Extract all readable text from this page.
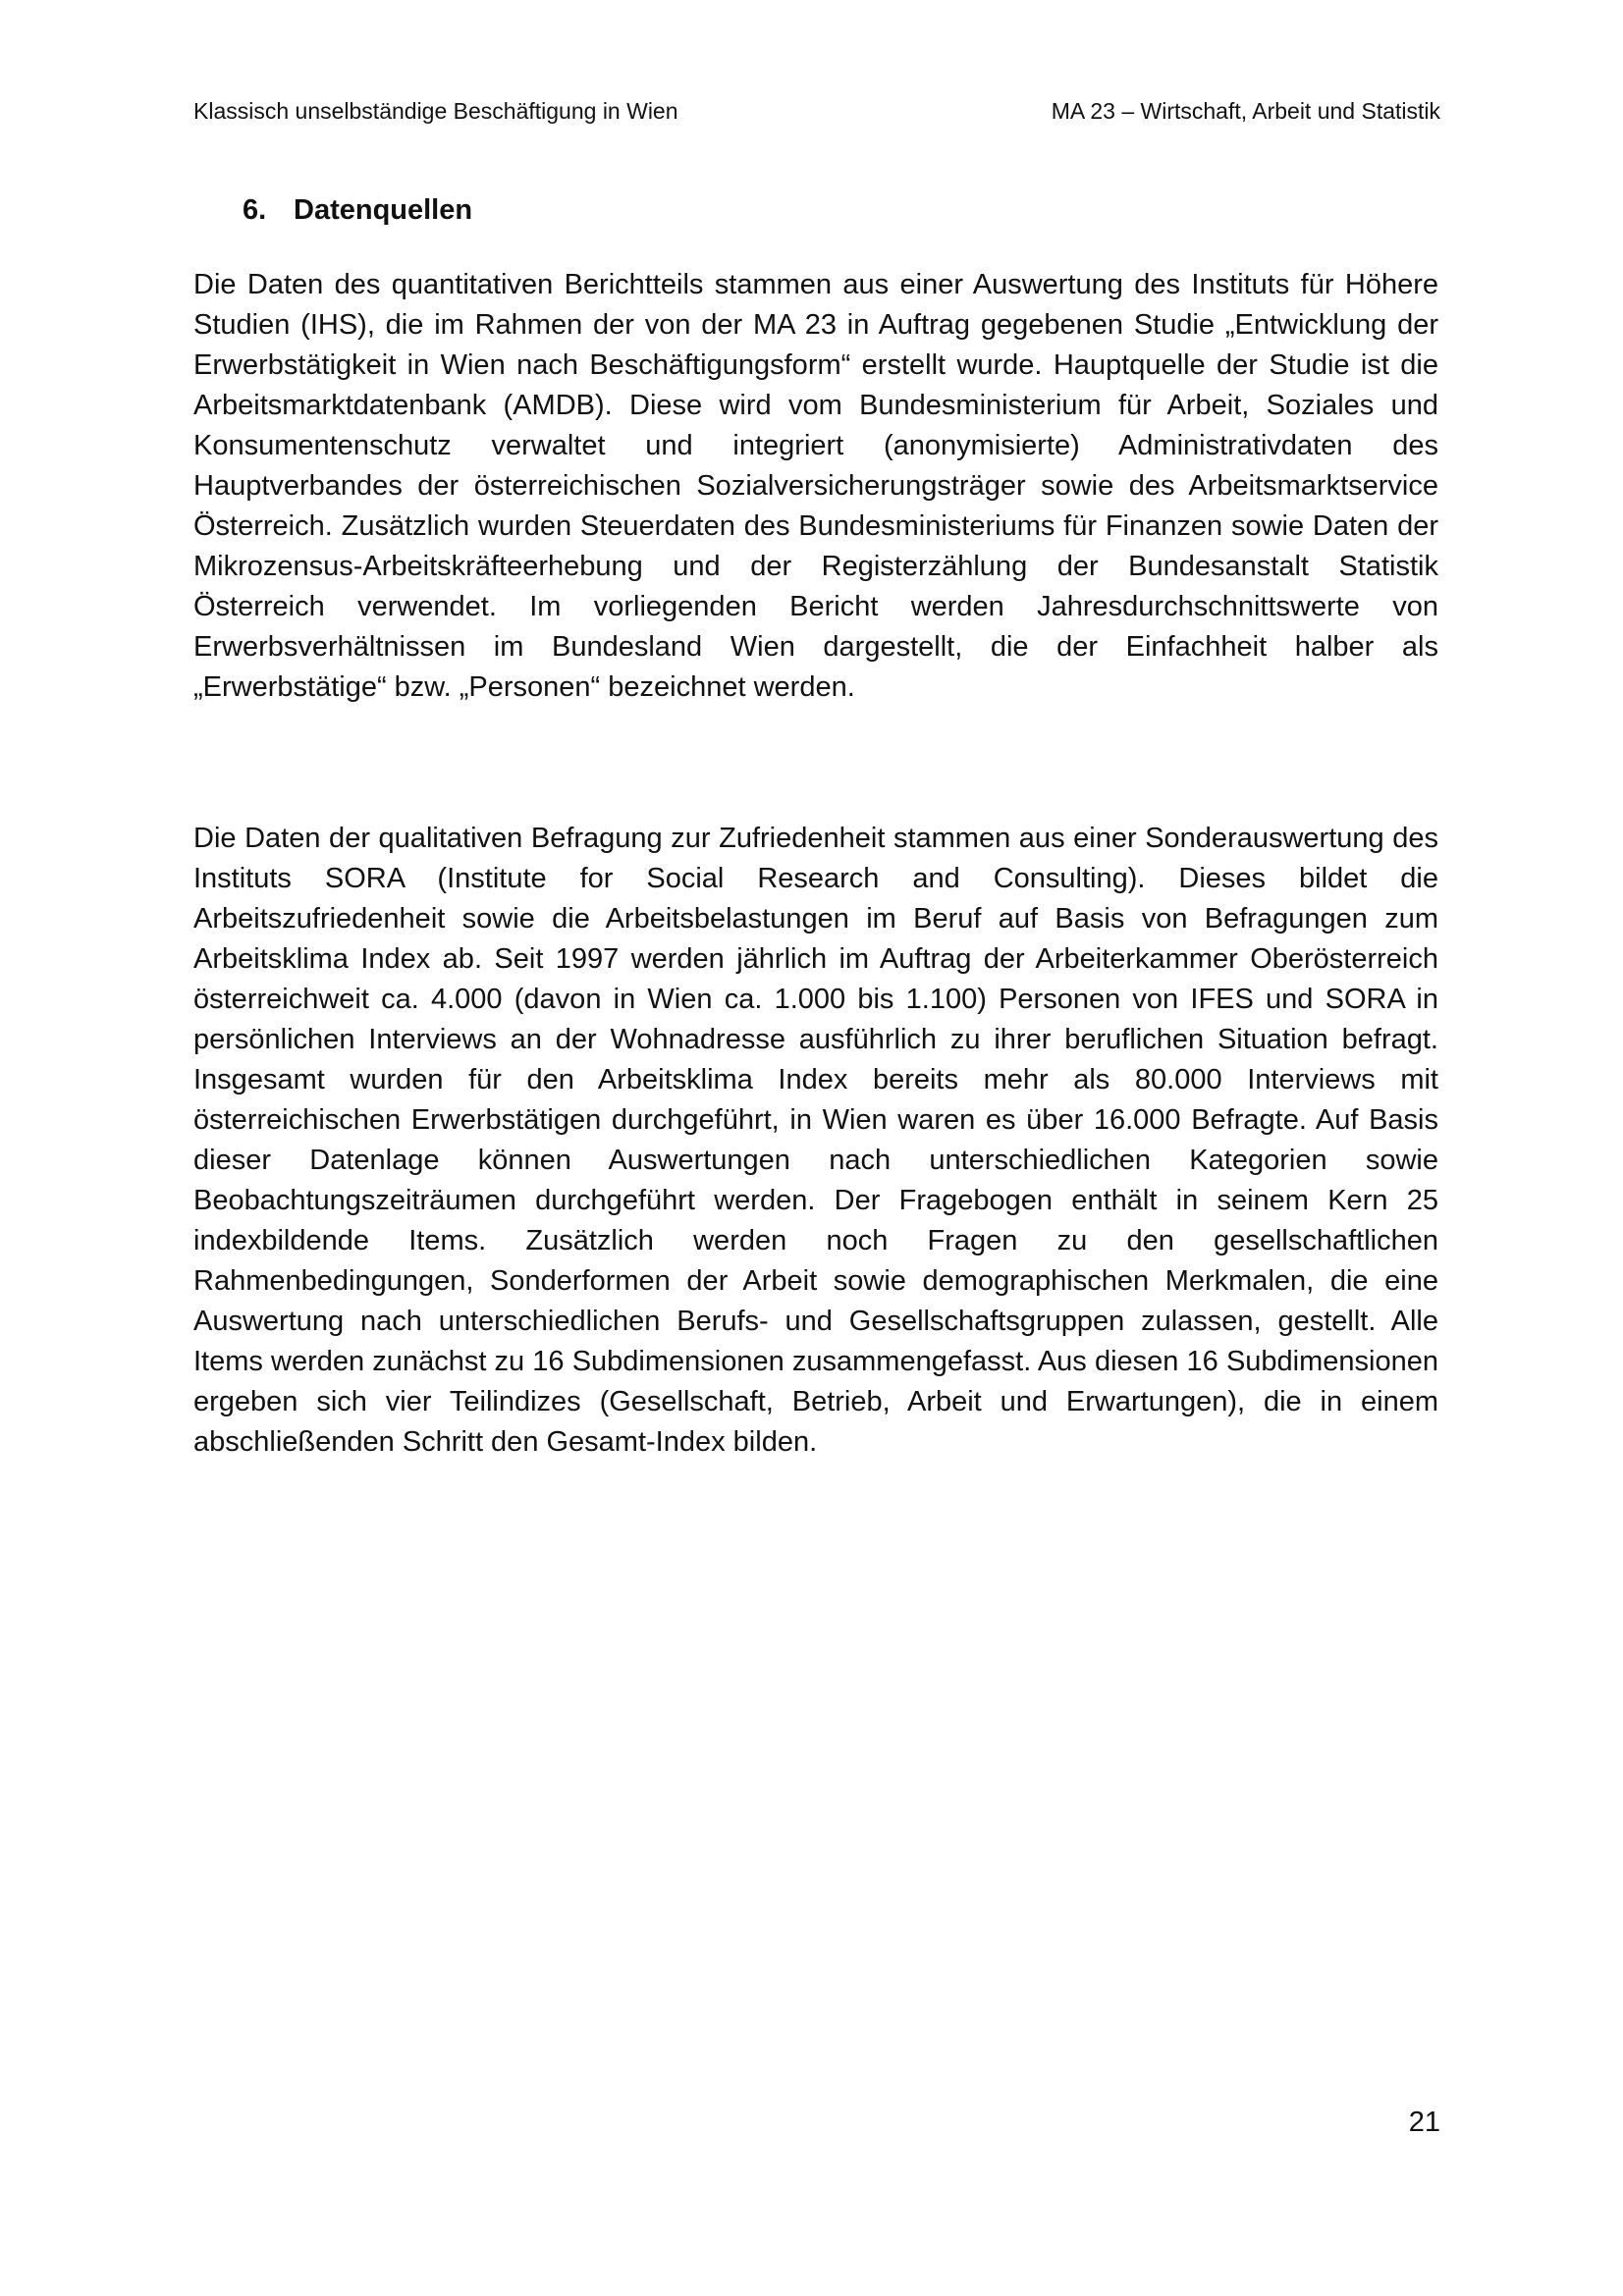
Klassisch unselbständige Beschäftigung in Wien	MA 23 – Wirtschaft, Arbeit und Statistik
6. Datenquellen

Die Daten des quantitativen Berichtteils stammen aus einer Auswertung des Instituts für Höhere Studien (IHS), die im Rahmen der von der MA 23 in Auftrag gegebenen Studie „Entwicklung der Erwerbstätigkeit in Wien nach Beschäftigungsform“ erstellt wurde. Hauptquelle der Studie ist die Arbeitsmarktdatenbank (AMDB). Diese wird vom Bundesministerium für Arbeit, Soziales und Konsumentenschutz verwaltet und integriert (anonymisierte) Administrativdaten des Hauptverbandes der österreichischen Sozialversicherungsträger sowie des Arbeitsmarktservice Österreich. Zusätzlich wurden Steuerdaten des Bundesministeriums für Finanzen sowie Daten der Mikrozensus-Arbeitskräfteerhebung und der Registerzählung der Bundesanstalt Statistik Österreich verwendet. Im vorliegenden Bericht werden Jahresdurchschnittswerte von Erwerbsverhältnissen im Bundesland Wien dargestellt, die der Einfachheit halber als „Erwerbstätige“ bzw. „Personen“ bezeichnet werden.

Die Daten der qualitativen Befragung zur Zufriedenheit stammen aus einer Sonderauswertung des Instituts SORA (Institute for Social Research and Consulting). Dieses bildet die Arbeitszufriedenheit sowie die Arbeitsbelastungen im Beruf auf Basis von Befragungen zum Arbeitsklima Index ab. Seit 1997 werden jährlich im Auftrag der Arbeiterkammer Oberösterreich österreichweit ca. 4.000 (davon in Wien ca. 1.000 bis 1.100) Personen von IFES und SORA in persönlichen Interviews an der Wohnadresse ausführlich zu ihrer beruflichen Situation befragt. Insgesamt wurden für den Arbeitsklima Index bereits mehr als 80.000 Interviews mit österreichischen Erwerbstätigen durchgeführt, in Wien waren es über 16.000 Befragte. Auf Basis dieser Datenlage können Auswertungen nach unterschiedlichen Kategorien sowie Beobachtungszeiträumen durchgeführt werden. Der Fragebogen enthält in seinem Kern 25 indexbildende Items. Zusätzlich werden noch Fragen zu den gesellschaftlichen Rahmenbedingungen, Sonderformen der Arbeit sowie demographischen Merkmalen, die eine Auswertung nach unterschiedlichen Berufs- und Gesellschaftsgruppen zulassen, gestellt. Alle Items werden zunächst zu 16 Subdimensionen zusammengefasst. Aus diesen 16 Subdimensionen ergeben sich vier Teilindizes (Gesellschaft, Betrieb, Arbeit und Erwartungen), die in einem abschließenden Schritt den Gesamt-Index bilden.

21
